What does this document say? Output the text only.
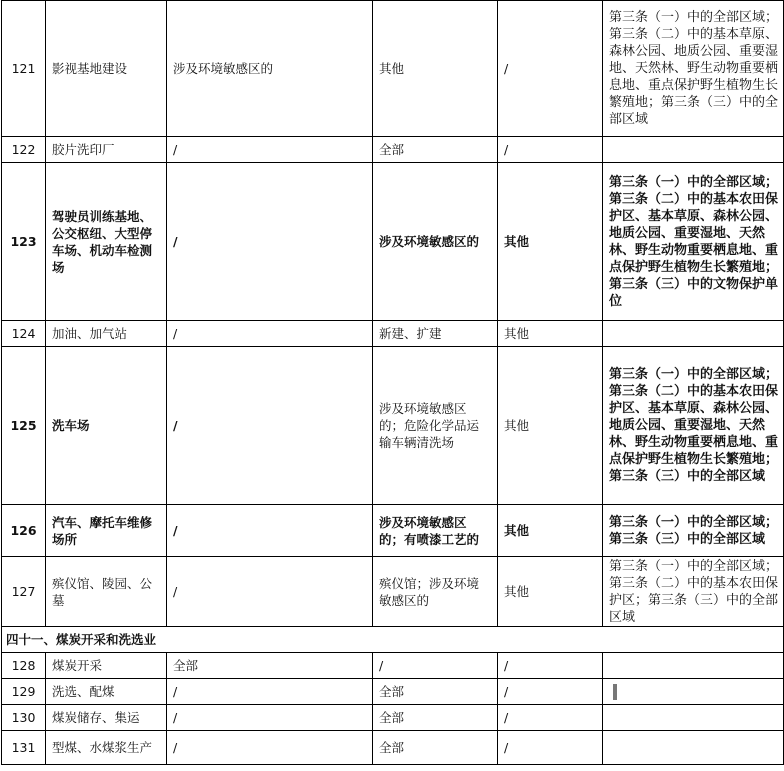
121	影视基地建设	涉及环境敏感区的	其他	/	第三条（一）中的全部区域；第三条（二）中的基本草原、森林公园、地质公园、重要湿地、天然林、野生动物重要栖息地、重点保护野生植物生长繁殖地；第三条（三）中的全部区域
122	胶片洗印厂	/	全部	/	
123	驾驶员训练基地、公交枢纽、大型停车场、机动车检测场	/	涉及环境敏感区的	其他	第三条（一）中的全部区域；第三条（二）中的基本农田保护区、基本草原、森林公园、地质公园、重要湿地、天然林、野生动物重要栖息地、重点保护野生植物生长繁殖地；第三条（三）中的文物保护单位
124	加油、加气站	/	新建、扩建	其他	
125	洗车场	/	涉及环境敏感区的；危险化学品运输车辆清洗场	其他	第三条（一）中的全部区域；第三条（二）中的基本农田保护区、基本草原、森林公园、地质公园、重要湿地、天然林、野生动物重要栖息地、重点保护野生植物生长繁殖地；第三条（三）中的全部区域
126	汽车、摩托车维修场所	/	涉及环境敏感区的；有喷漆工艺的	其他	第三条（一）中的全部区域；第三条（三）中的全部区域
127	殡仪馆、陵园、公墓	/	殡仪馆；涉及环境敏感区的	其他	第三条（一）中的全部区域；第三条（二）中的基本农田保护区；第三条（三）中的全部区域
四十一、煤炭开采和洗选业					
128	煤炭开采	全部	/	/	
129	洗选、配煤	/	全部	/	
130	煤炭储存、集运	/	全部	/	
131	型煤、水煤浆生产	/	全部	/	
